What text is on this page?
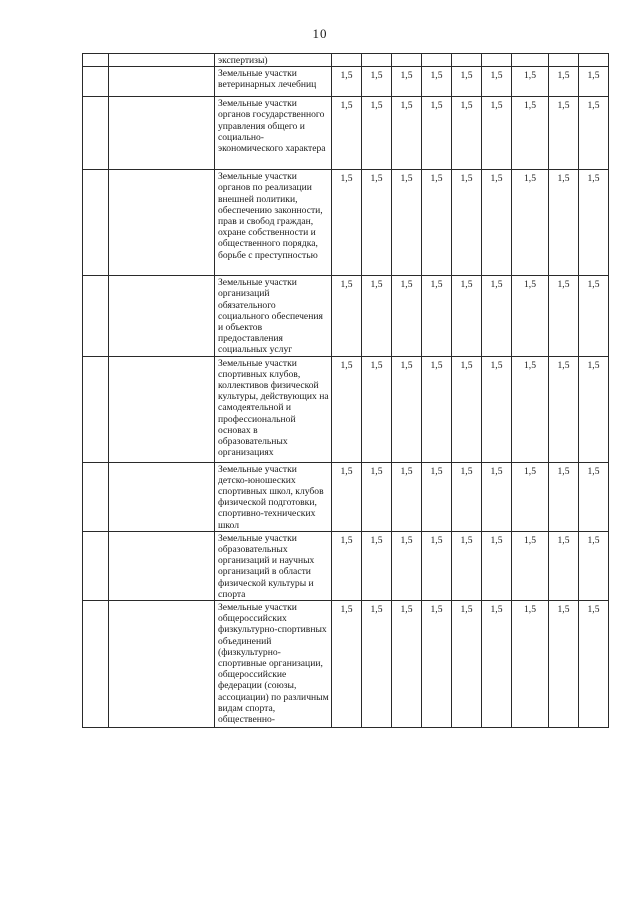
10

		экспертизы)									

		Земельные участки ветеринарных лечебниц	1,5	1,5	1,5	1,5	1,5	1,5	1,5	1,5	1,5

		Земельные участки органов государственного управления общего и социально-экономического характера	1,5	1,5	1,5	1,5	1,5	1,5	1,5	1,5	1,5

		Земельные участки органов по реализации внешней политики, обеспечению законности, прав и свобод граждан, охране собственности и общественного порядка, борьбе с преступностью	1,5	1,5	1,5	1,5	1,5	1,5	1,5	1,5	1,5

		Земельные участки организаций обязательного социального обеспечения и объектов предоставления социальных услуг	1,5	1,5	1,5	1,5	1,5	1,5	1,5	1,5	1,5

		Земельные участки спортивных клубов, коллективов физической культуры, действующих на самодеятельной и профессиональной основах в образовательных организациях	1,5	1,5	1,5	1,5	1,5	1,5	1,5	1,5	1,5

		Земельные участки детско-юношеских спортивных школ, клубов физической подготовки, спортивно-технических школ	1,5	1,5	1,5	1,5	1,5	1,5	1,5	1,5	1,5

		Земельные участки образовательных организаций и научных организаций в области физической культуры и спорта	1,5	1,5	1,5	1,5	1,5	1,5	1,5	1,5	1,5

		Земельные участки общероссийских физкультурно-спортивных объединений (физкультурно-спортивные организации, общероссийские федерации (союзы, ассоциации) по различным видам спорта, общественно-	1,5	1,5	1,5	1,5	1,5	1,5	1,5	1,5	1,5
